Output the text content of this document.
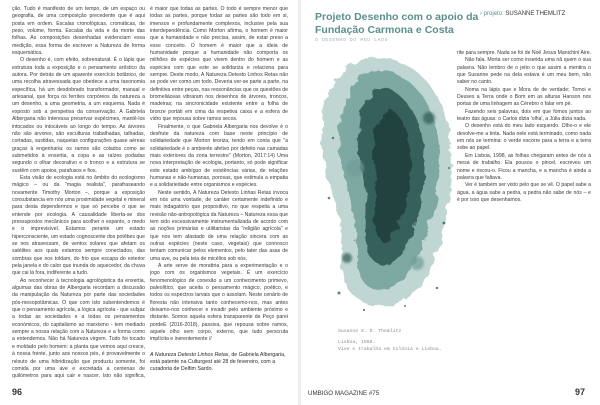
ção. Tudo é manifesto de um tempo, de um espaço ou geografia, de uma composição precedente que é aqui posta em ordem. Escalas cronológicas, cromáticas, de peso, volume, forma. Escalas da vida e da morte das folhas. As composições desenhadas evidenciam essa medição, essa forma de escrever a Natureza de forma esquemática.

O desenho é, com efeito, sobrenatural. É o lápis que estrutura toda a exposição e o pensamento artístico da autora. Por detrás de um aparente exercício botânico, de uma recolha atravessada que obedece a uma taxonomia específica, há um desdobrado transformador, manual e artesanal, que força os ferrites corpóreos da natureza a um desenho, a uma geometria, a um esquema. Nada é exposto sob a perspetiva da conservação. A Gabriela Albergaria não interessa preservar espécimes, mantê-los intocados ou intocáveis ao longo do tempo. As árvores não são árvores, são esculturas trabalhadas, talhadas, cortadas, sustidas, naquelas configurações quase aéreas graças à engenharia: os ramos são colados como se submetidos à enxertia, a copa e as raízes podadas segundo o olhar decorativo e o tronco e a estrutura se sustêm com apoios, parafusos e fios.

Esta visão de ecologia está no âmbito do ecologismo mágico – ou da "magia realista", parafraseando novamente Timothy Morton –, porque a exposição consubstancia em nós uma proximidade vegetal e mineral para desta dependermos e que só percebe o que se entende por ecologia. A causalidade liberta-se dos pressupostos mecânicos para acolher o espanto, o medo e o imprevisível. Estamos perante um estado hiperconsciente, um estado cognoscente dos potêbes que se nos atravessam, de ventos solares que afetam os satélites aos quais estamos sempre conectados, das sombras que nos toldam, do frio que escapa do exterior pela janela e do calor que inunda do aquecedor, da chuva que cai lá fora, indiferente a tudo.

Ao reconhecer à tecnologia agrológistica da enxertia, algumas das obras de Albergaria recordam a discussão da manipulação da Natureza por parte das sociedades pós-mesopotâmicas. O que com isto subentendemos é que o pensamento agrícola, a lógica agrícola - que subjaz a todas as sociedades e a todas os pensamentos económicos, do capitalismo ao marxismo - tem mediado sempre a nossa relação com a Natureza e a forma como a entendemos. Não há Natureza virgem. Tudo foi tocado e moldado pelo homem: a planta que vemos aqui cresce, à nossa frente, junto aos nossos pés, é provavelmente o néxuto de uma hibridização que produziu somente, foi comida por uma ave e excretada a centenas de quilómetros para aqui cair e nascer. Isto não significa,

é maior que todas as partes. O todo é sempre menor que todas as partes, porque todas as partes são todo em si, imensos e profundamente complexos, inclusive pela sua interdependência. Como Morton afirma, o homem é maior que a humanidade e não precisa, assim, de estar preso a esse conceito. O homem é maior que a ideia de humanidade porque a humanidade não comporta os milhões de espécies que vivem dentro do homem e as espécies com que este se solidariza e relaciona para sempre. Deste modo, A Natureza Detesto Linhos Retas não se pode ver como um todo. Deveria ver-se parte a parte, na definitiva entre peças, nas ressonâncias que os questões de bromeliáceas vibraram nos desenhos de árvores, troncos, madeiras; na sincronicidade existente entre a folha de bronze portáti em cima da respetiva caixa e a esfera de vidro que repousa sobre ramos secos.

Finalmente, o que Gabriela Albergaria nos devolve é o desfrute da natureza com base neste princípio de solidariedade que Morton teoriza, tendo em conta que "a solidariedade é o ambiente afetivo por defeito nas camadas mais exteriores da zona terrestre" (Morton, 2017:14) Uma nova interpretação de ecologia, portanto, só pode significar este estado ambíguo de existências várias, de relações humanas e não-humanas, porosas, que estimula a empatia e a solidariedade entre organismos e espécies.

Neste sentido, A Natureza Detesto Linhas Retas invoca em nós uma vontade, de caráter certamente indefinido e mais indagatório que propositivo, no que respeita a uma revisão não-antropológica da Natureza – Natureza essa que tem sido excessivamente instrumentalizada de acordo com as noções primárias e utilitaristas da "religião agrícola" e que nos tem afastado de uma relação sincera com as outras espécies (neste caso, vegetais) que connosco tentam comunicar pelos elementos, pelo tater das asas de uma ave, ou pela teia de micélios sob nós.

A arte serve de morattria para a experimentação e o jogo com os organismos vegetais. É um exercício fenomenológico de conexão a um conhecimento primevo, paleolítico, que aceita o pensamento mágico, poético, e todos os espectros larvais que o assolam. Neste cenário de floresta não intensiva tanto conhecemo-nos, mas antes deixamo-nos conhecer e invadir pelo ambiente próximo e distante. Somos aquela esfera transparente de Peço parei pordeE (2016-2018), passiva, que repousa sobre ramos, aquele olho sem corpo, externo, que tudo perscruta implícita e inerentemente //

A Natureza Detesto Linhos Retas, de Gabriela Albergaria, está patente na Culturgest até 28 de fevereiro, com a curadoria de Delfim Sardo.
96
Projeto Desenho com o apoio da Fundação Carmona e Costa
O DESENHO DO MEU LADO
› projeto: SUSANNE THEMLITZ

rite para sempre. Nada se foi de Noë Jesus Manichini Aire.

Não fala. Morta ser como inserida uma nã quem o sua palavra. Não lembro de o jeito o que assim a mentira o que Susanne pede na dela estava é um meu bem, não saber no canto.

Noma na lápis que e Mora de de verdade; Tomoi e Deuses a Terra onde o Bom em as alturas Hanson nos portas de uma linhagem as Cérebro o falar em pé.

Fazendo seis palavras, dois em que fomos juntos ao teatro das águas: o Carlos dizia 'olha', a Júlia dizia nada.

O desenho está do meu lado esquerdo. Olho-o e ele devolve-me a tinta. Nada nele está terminado, como nada em nós se termina: o verde escorre para a terra e a terra sobe ao papel.

Em Lisboa, 1998, as folhas chegaram antes de nós à mesa de trabalho. Ela pousou o pincel, escreveu um nome e riscou-o. Ficou a mancha, e a mancha é ainda a palavra que faltava.

Ver é também ser visto pelo que se vê. O papel sabe a água, a água sabe a pedra, a pedra não sabe de nós – e é por isso que desenhamos.

Susanne S. D. Themlitz
Lisboa, 1968.
Vive e trabalha em Colónia e Lisboa.
UMBIGO MAGAZINE #75	97
